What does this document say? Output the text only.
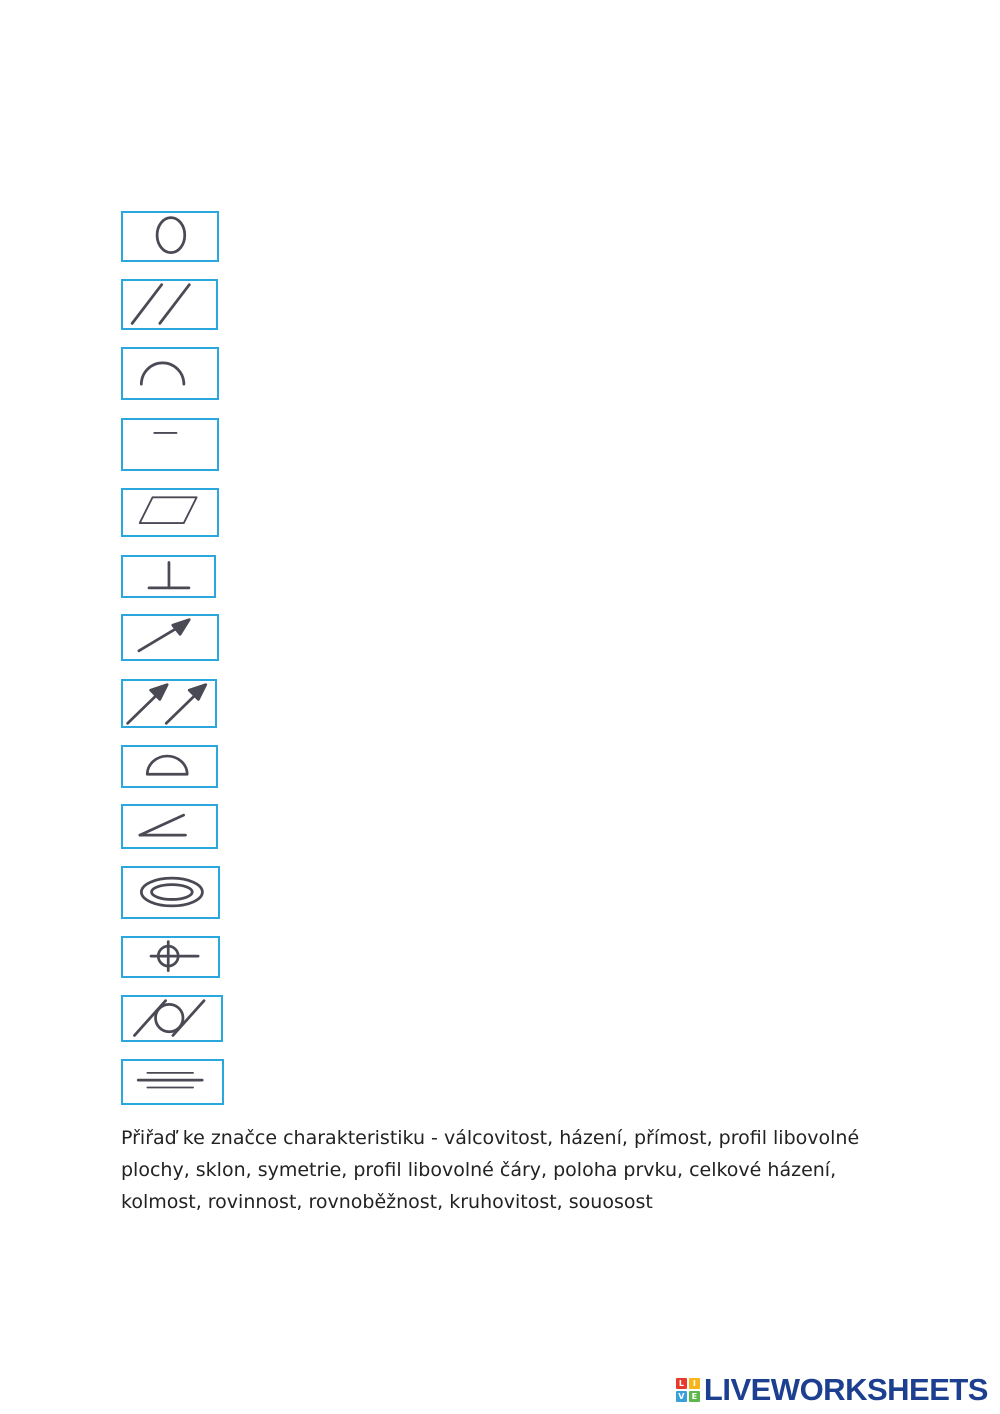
Přiřaď ke značce charakteristiku - válcovitost, házení, přímost, profil libovolné plochy, sklon, symetrie, profil libovolné čáry, poloha prvku, celkové házení, kolmost, rovinnost, rovnoběžnost, kruhovitost, souosost

L	I
V E LIVEWORKSHEETS
